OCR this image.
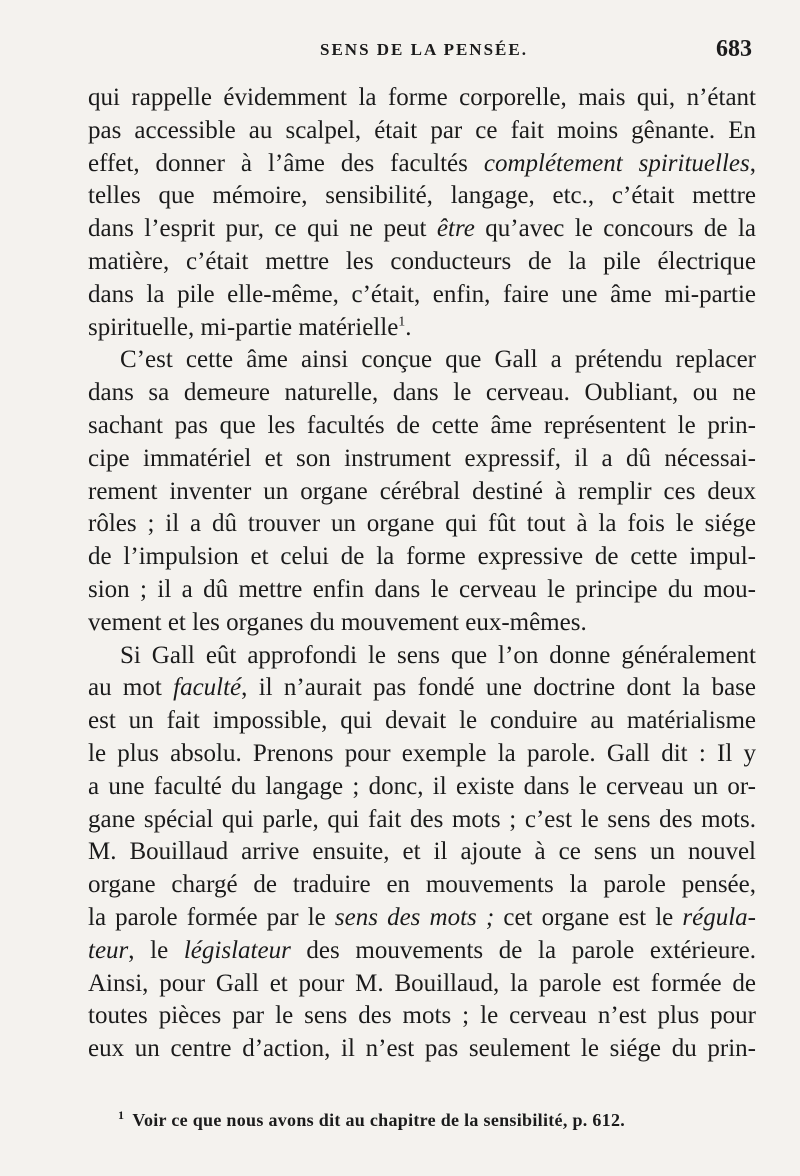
SENS DE LA PENSÉE.	683
qui rappelle évidemment la forme corporelle, mais qui, n’étant
pas accessible au scalpel, était par ce fait moins gênante. En
effet, donner à l’âme des facultés complétement spirituelles,
telles que mémoire, sensibilité, langage, etc., c’était mettre
dans l’esprit pur, ce qui ne peut être qu’avec le concours de la
matière, c’était mettre les conducteurs de la pile électrique
dans la pile elle-même, c’était, enfin, faire une âme mi-partie
spirituelle, mi-partie matérielle$^1$.
C’est cette âme ainsi conçue que Gall a prétendu replacer
dans sa demeure naturelle, dans le cerveau. Oubliant, ou ne
sachant pas que les facultés de cette âme représentent le prin-
cipe immatériel et son instrument expressif, il a dû nécessai-
rement inventer un organe cérébral destiné à remplir ces deux
rôles ; il a dû trouver un organe qui fût tout à la fois le siége
de l’impulsion et celui de la forme expressive de cette impul-
sion ; il a dû mettre enfin dans le cerveau le principe du mou-
vement et les organes du mouvement eux-mêmes.
Si Gall eût approfondi le sens que l’on donne généralement
au mot faculté, il n’aurait pas fondé une doctrine dont la base
est un fait impossible, qui devait le conduire au matérialisme
le plus absolu. Prenons pour exemple la parole. Gall dit : Il y
a une faculté du langage ; donc, il existe dans le cerveau un or-
gane spécial qui parle, qui fait des mots ; c’est le sens des mots.
M. Bouillaud arrive ensuite, et il ajoute à ce sens un nouvel
organe chargé de traduire en mouvements la parole pensée,
la parole formée par le sens des mots ; cet organe est le régula-
teur, le législateur des mouvements de la parole extérieure.
Ainsi, pour Gall et pour M. Bouillaud, la parole est formée de
toutes pièces par le sens des mots ; le cerveau n’est plus pour
eux un centre d’action, il n’est pas seulement le siége du prin-
$^1$ Voir ce que nous avons dit au chapitre de la sensibilité, p. 612.
